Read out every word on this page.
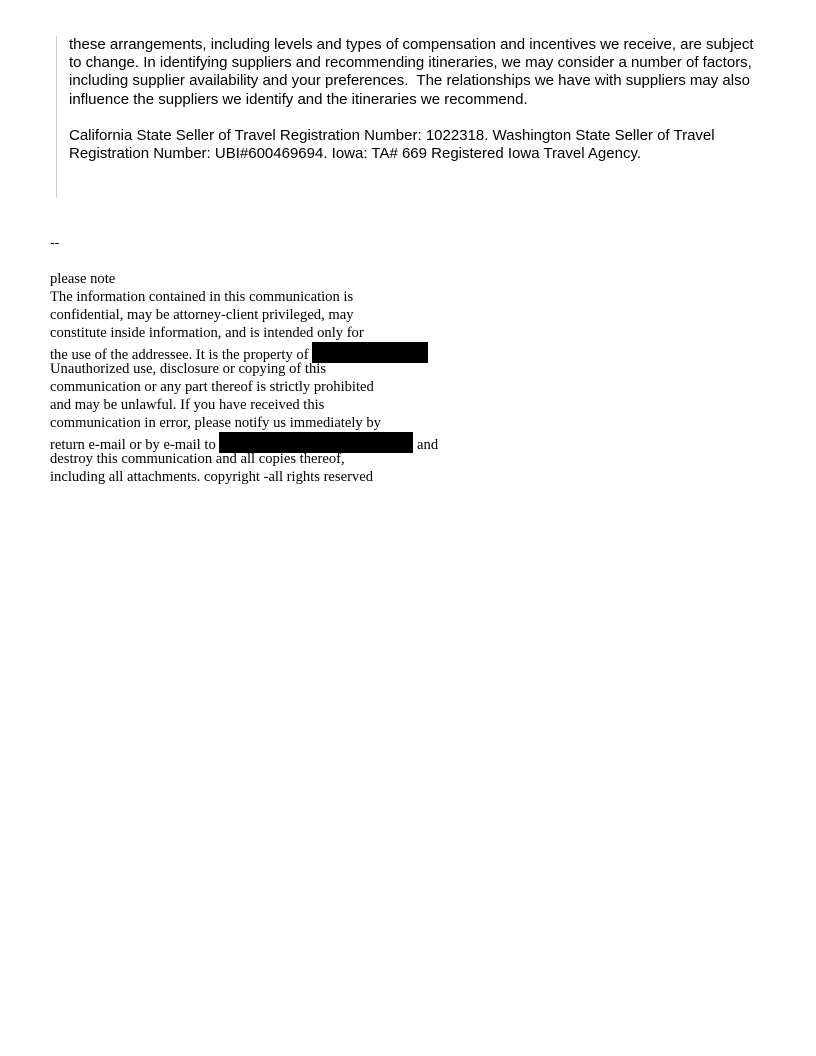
these arrangements, including levels and types of compensation and incentives we receive, are subject to change. In identifying suppliers and recommending itineraries, we may consider a number of factors, including supplier availability and your preferences.  The relationships we have with suppliers may also influence the suppliers we identify and the itineraries we recommend.

California State Seller of Travel Registration Number: 1022318. Washington State Seller of Travel Registration Number: UBI#600469694. Iowa: TA# 669 Registered Iowa Travel Agency.

--
please note
The information contained in this communication is
confidential, may be attorney-client privileged, may
constitute inside information, and is intended only for
the use of the addressee. It is the property of
Unauthorized use, disclosure or copying of this
communication or any part thereof is strictly prohibited
and may be unlawful. If you have received this
communication in error, please notify us immediately by
return e-mail or by e-mail to	and
destroy this communication and all copies thereof,
including all attachments. copyright -all rights reserved
